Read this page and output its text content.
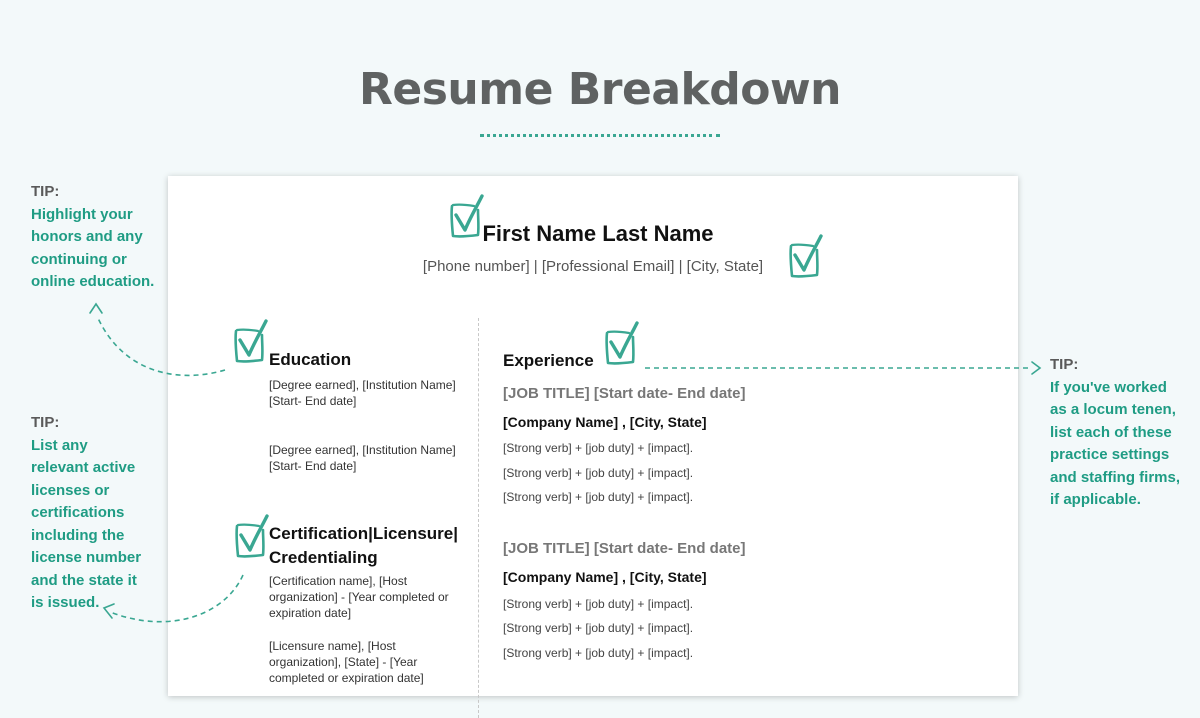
Resume Breakdown
TIP:
Highlight your
honors and any
continuing or
online education.
TIP:
List any
relevant active
licenses or
certifications
including the
license number
and the state it
is issued.
TIP:
If you've worked
as a locum tenen,
list each of these
practice settings
and staffing firms,
if applicable.
First Name Last Name
[Phone number] | [Professional Email] | [City, State]
Education
[Degree earned], [Institution Name]
[Start- End date]
[Degree earned], [Institution Name]
[Start- End date]
Certification|Licensure|
Credentialing
[Certification name], [Host organization] - [Year completed or expiration date]
[Licensure name], [Host organization], [State] - [Year completed or expiration date]
Experience
[JOB TITLE] [Start date- End date]
[Company Name] , [City, State]
[Strong verb] + [job duty] + [impact].
[Strong verb] + [job duty] + [impact].
[Strong verb] + [job duty] + [impact].
[JOB TITLE] [Start date- End date]
[Company Name] , [City, State]
[Strong verb] + [job duty] + [impact].
[Strong verb] + [job duty] + [impact].
[Strong verb] + [job duty] + [impact].
